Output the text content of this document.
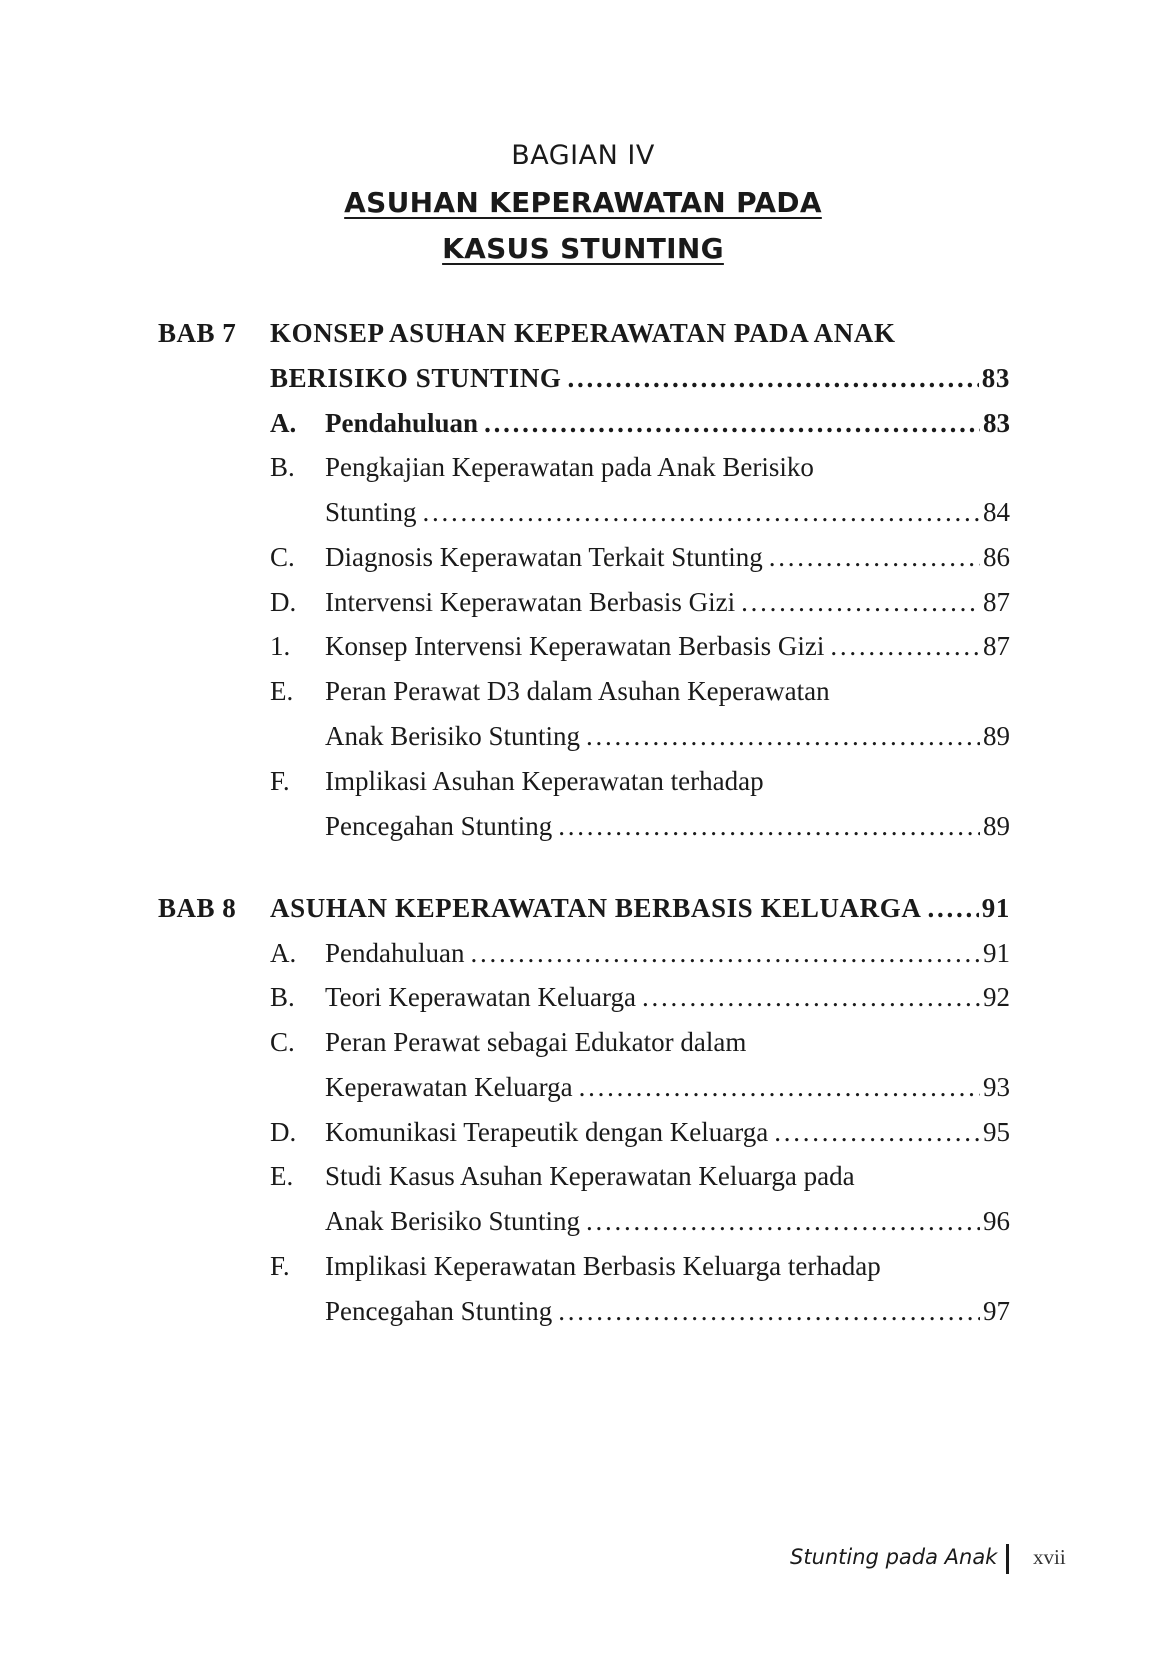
BAGIAN IV
ASUHAN KEPERAWATAN PADA
KASUS STUNTING
BAB 7 KONSEP ASUHAN KEPERAWATAN PADA ANAK
BERISIKO STUNTING . . .	83
A. Pendahuluan . . .	83
B. Pengkajian Keperawatan pada Anak Berisiko
Stunting . . .	84
C. Diagnosis Keperawatan Terkait Stunting . . .	86
D. Intervensi Keperawatan Berbasis Gizi . . .	87
1. Konsep Intervensi Keperawatan Berbasis Gizi . . .	87
E. Peran Perawat D3 dalam Asuhan Keperawatan
Anak Berisiko Stunting . . .	89
F. Implikasi Asuhan Keperawatan terhadap
Pencegahan Stunting . . .	89
BAB 8 ASUHAN KEPERAWATAN BERBASIS KELUARGA . . . 91
A. Pendahuluan . . .	91
B. Teori Keperawatan Keluarga . . .	92
C. Peran Perawat sebagai Edukator dalam
Keperawatan Keluarga . . .	93
D. Komunikasi Terapeutik dengan Keluarga . . .	95
E. Studi Kasus Asuhan Keperawatan Keluarga pada
Anak Berisiko Stunting . . .	96
F. Implikasi Keperawatan Berbasis Keluarga terhadap
Pencegahan Stunting . . .	97
Stunting pada Anak xvii
